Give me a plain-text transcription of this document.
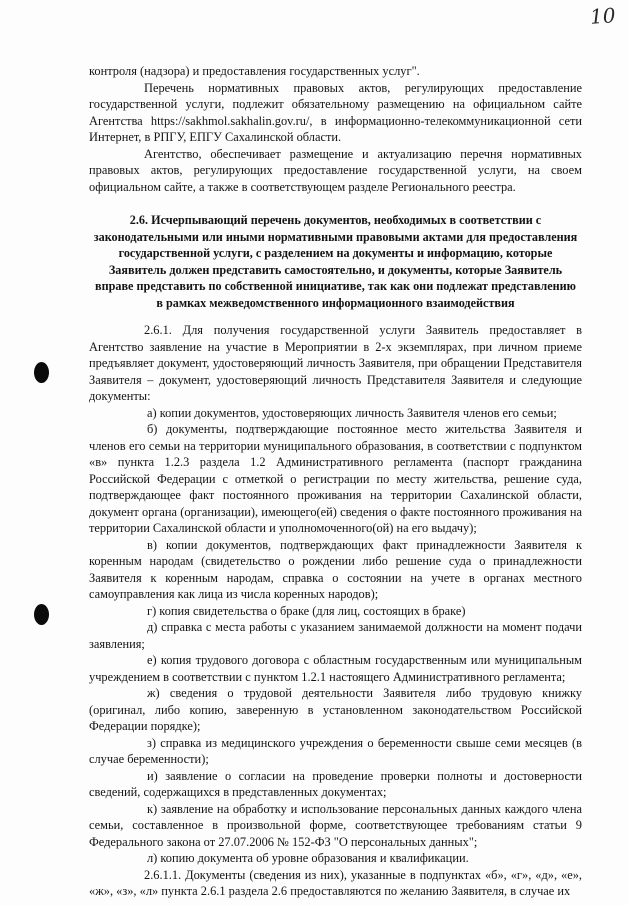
10

контроля (надзора) и предоставления государственных услуг".

Перечень нормативных правовых актов, регулирующих предоставление государственной услуги, подлежит обязательному размещению на официальном сайте Агентства https://sakhmol.sakhalin.gov.ru/, в информационно-телекоммуникационной сети Интернет, в РПГУ, ЕПГУ Сахалинской области.

Агентство, обеспечивает размещение и актуализацию перечня нормативных правовых актов, регулирующих предоставление государственной услуги, на своем официальном сайте, а также в соответствующем разделе Регионального реестра.

2.6. Исчерпывающий перечень документов, необходимых в соответствии с законодательными или иными нормативными правовыми актами для предоставления государственной услуги, с разделением на документы и информацию, которые Заявитель должен представить самостоятельно, и документы, которые Заявитель вправе представить по собственной инициативе, так как они подлежат представлению в рамках межведомственного информационного взаимодействия

2.6.1. Для получения государственной услуги Заявитель предоставляет в Агентство заявление на участие в Мероприятии в 2-х экземплярах, при личном приеме предъявляет документ, удостоверяющий личность Заявителя, при обращении Представителя Заявителя – документ, удостоверяющий личность Представителя Заявителя и следующие документы:

а) копии документов, удостоверяющих личность Заявителя членов его семьи;

б) документы, подтверждающие постоянное место жительства Заявителя и членов его семьи на территории муниципального образования, в соответствии с подпунктом «в» пункта 1.2.3 раздела 1.2 Административного регламента (паспорт гражданина Российской Федерации с отметкой о регистрации по месту жительства, решение суда, подтверждающее факт постоянного проживания на территории Сахалинской области, документ органа (организации), имеющего(ей) сведения о факте постоянного проживания на территории Сахалинской области и уполномоченного(ой) на его выдачу);

в) копии документов, подтверждающих факт принадлежности Заявителя к коренным народам (свидетельство о рождении либо решение суда о принадлежности Заявителя к коренным народам, справка о состоянии на учете в органах местного самоуправления как лица из числа коренных народов);

г) копия свидетельства о браке (для лиц, состоящих в браке)

д) справка с места работы с указанием занимаемой должности на момент подачи заявления;

е) копия трудового договора с областным государственным или муниципальным учреждением в соответствии с пунктом 1.2.1 настоящего Административного регламента;

ж) сведения о трудовой деятельности Заявителя либо трудовую книжку (оригинал, либо копию, заверенную в установленном законодательством Российской Федерации порядке);

з) справка из медицинского учреждения о беременности свыше семи месяцев (в случае беременности);

и) заявление о согласии на проведение проверки полноты и достоверности сведений, содержащихся в представленных документах;

к) заявление на обработку и использование персональных данных каждого члена семьи, составленное в произвольной форме, соответствующее требованиям статьи 9 Федерального закона от 27.07.2006 № 152-ФЗ "О персональных данных";

л) копию документа об уровне образования и квалификации.

2.6.1.1. Документы (сведения из них), указанные в подпунктах «б», «г», «д», «е», «ж», «з», «л» пункта 2.6.1 раздела 2.6 предоставляются по желанию Заявителя, в случае их
